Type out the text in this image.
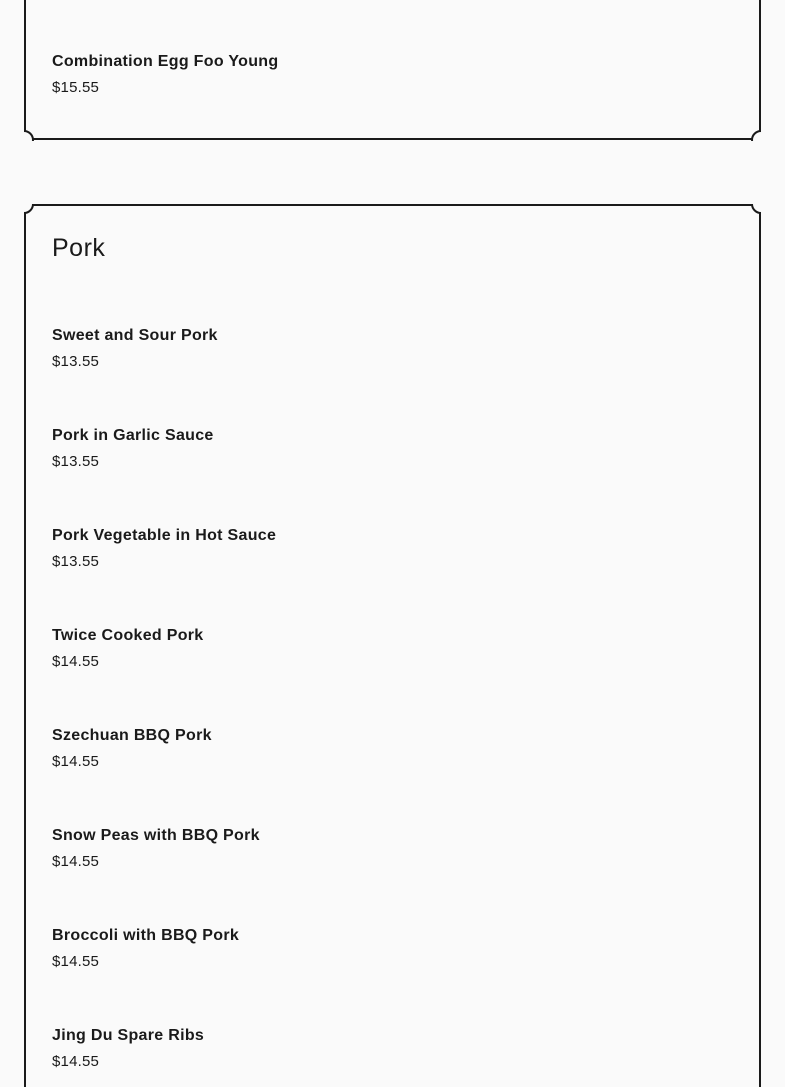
Combination Egg Foo Young
$15.55
Pork
Sweet and Sour Pork
$13.55
Pork in Garlic Sauce
$13.55
Pork Vegetable in Hot Sauce
$13.55
Twice Cooked Pork
$14.55
Szechuan BBQ Pork
$14.55
Snow Peas with BBQ Pork
$14.55
Broccoli with BBQ Pork
$14.55
Jing Du Spare Ribs
$14.55
